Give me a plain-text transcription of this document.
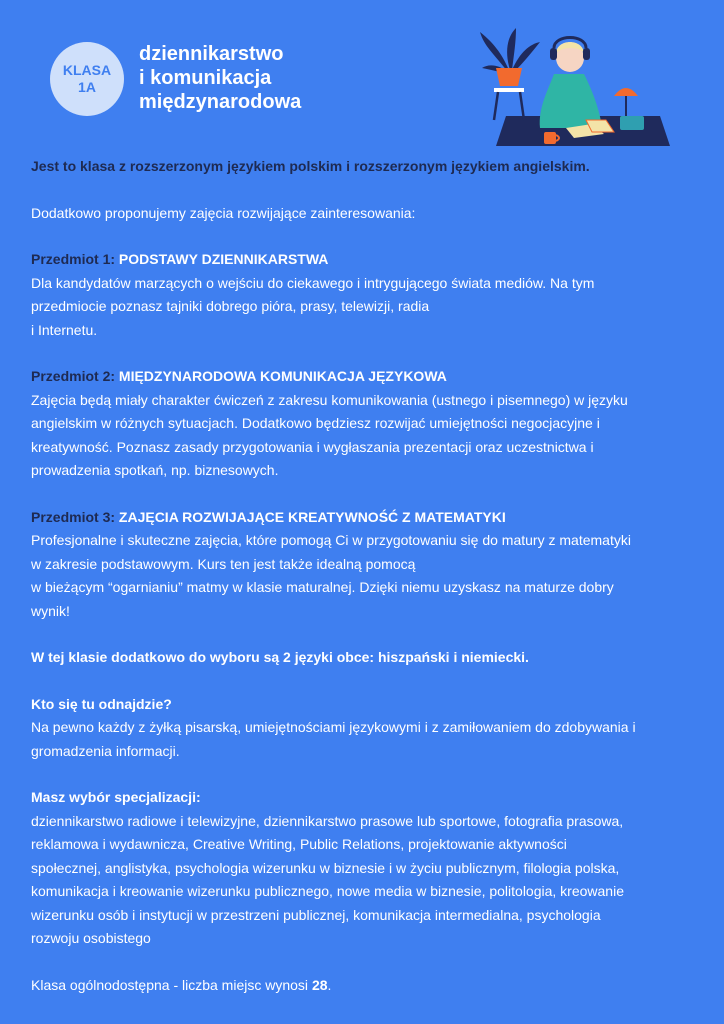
KLASA 1A
dziennikarstwo
i komunikacja
międzynarodowa

Jest to klasa z rozszerzonym językiem polskim i rozszerzonym językiem angielskim.

Dodatkowo proponujemy zajęcia rozwijające zainteresowania:

Przedmiot 1: PODSTAWY DZIENNIKARSTWA
Dla kandydatów marzących o wejściu do ciekawego i intrygującego świata mediów. Na tym
przedmiocie poznasz tajniki dobrego pióra, prasy, telewizji, radia
i Internetu.
Przedmiot 2: MIĘDZYNARODOWA KOMUNIKACJA JĘZYKOWA
Zajęcia będą miały charakter ćwiczeń z zakresu komunikowania (ustnego i pisemnego) w języku
angielskim w różnych sytuacjach. Dodatkowo będziesz rozwijać umiejętności negocjacyjne i
kreatywność. Poznasz zasady przygotowania i wygłaszania prezentacji oraz uczestnictwa i
prowadzenia spotkań, np. biznesowych.
Przedmiot 3: ZAJĘCIA ROZWIJAJĄCE KREATYWNOŚĆ Z MATEMATYKI
Profesjonalne i skuteczne zajęcia, które pomogą Ci w przygotowaniu się do matury z matematyki
w zakresie podstawowym. Kurs ten jest także idealną pomocą
w bieżącym “ogarnianiu” matmy w klasie maturalnej. Dzięki niemu uzyskasz na maturze dobry
wynik!

W tej klasie dodatkowo do wyboru są 2 języki obce: hiszpański i niemiecki.

Kto się tu odnajdzie?
Na pewno każdy z żyłką pisarską, umiejętnościami językowymi i z zamiłowaniem do zdobywania i
gromadzenia informacji.
Masz wybór specjalizacji:
dziennikarstwo radiowe i telewizyjne, dziennikarstwo prasowe lub sportowe, fotografia prasowa,
reklamowa i wydawnicza, Creative Writing, Public Relations, projektowanie aktywności
społecznej, anglistyka, psychologia wizerunku w biznesie i w życiu publicznym, filologia polska,
komunikacja i kreowanie wizerunku publicznego, nowe media w biznesie, politologia, kreowanie
wizerunku osób i instytucji w przestrzeni publicznej, komunikacja intermedialna, psychologia
rozwoju osobistego

Klasa ogólnodostępna - liczba miejsc wynosi 28.
